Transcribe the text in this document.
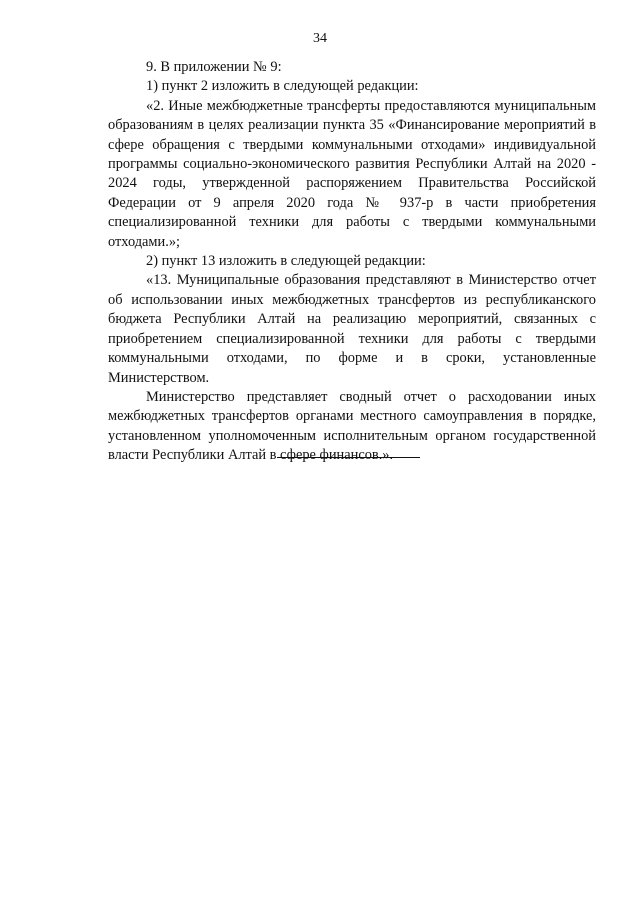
34

9. В приложении № 9:

1) пункт 2 изложить в следующей редакции:

«2. Иные межбюджетные трансферты предоставляются муниципальным образованиям в целях реализации пункта 35 «Финансирование мероприятий в сфере обращения с твердыми коммунальными отходами» индивидуальной программы социально-экономического развития Республики Алтай на 2020 - 2024 годы, утвержденной распоряжением Правительства Российской Федерации от 9 апреля 2020 года № 937-р в части приобретения специализированной техники для работы с твердыми коммунальными отходами.»;

2) пункт 13 изложить в следующей редакции:

«13. Муниципальные образования представляют в Министерство отчет об использовании иных межбюджетных трансфертов из республиканского бюджета Республики Алтай на реализацию мероприятий, связанных с приобретением специализированной техники для работы с твердыми коммунальными отходами, по форме и в сроки, установленные Министерством.

Министерство представляет сводный отчет о расходовании иных межбюджетных трансфертов органами местного самоуправления в порядке, установленном уполномоченным исполнительным органом государственной власти Республики Алтай в сфере финансов.».
